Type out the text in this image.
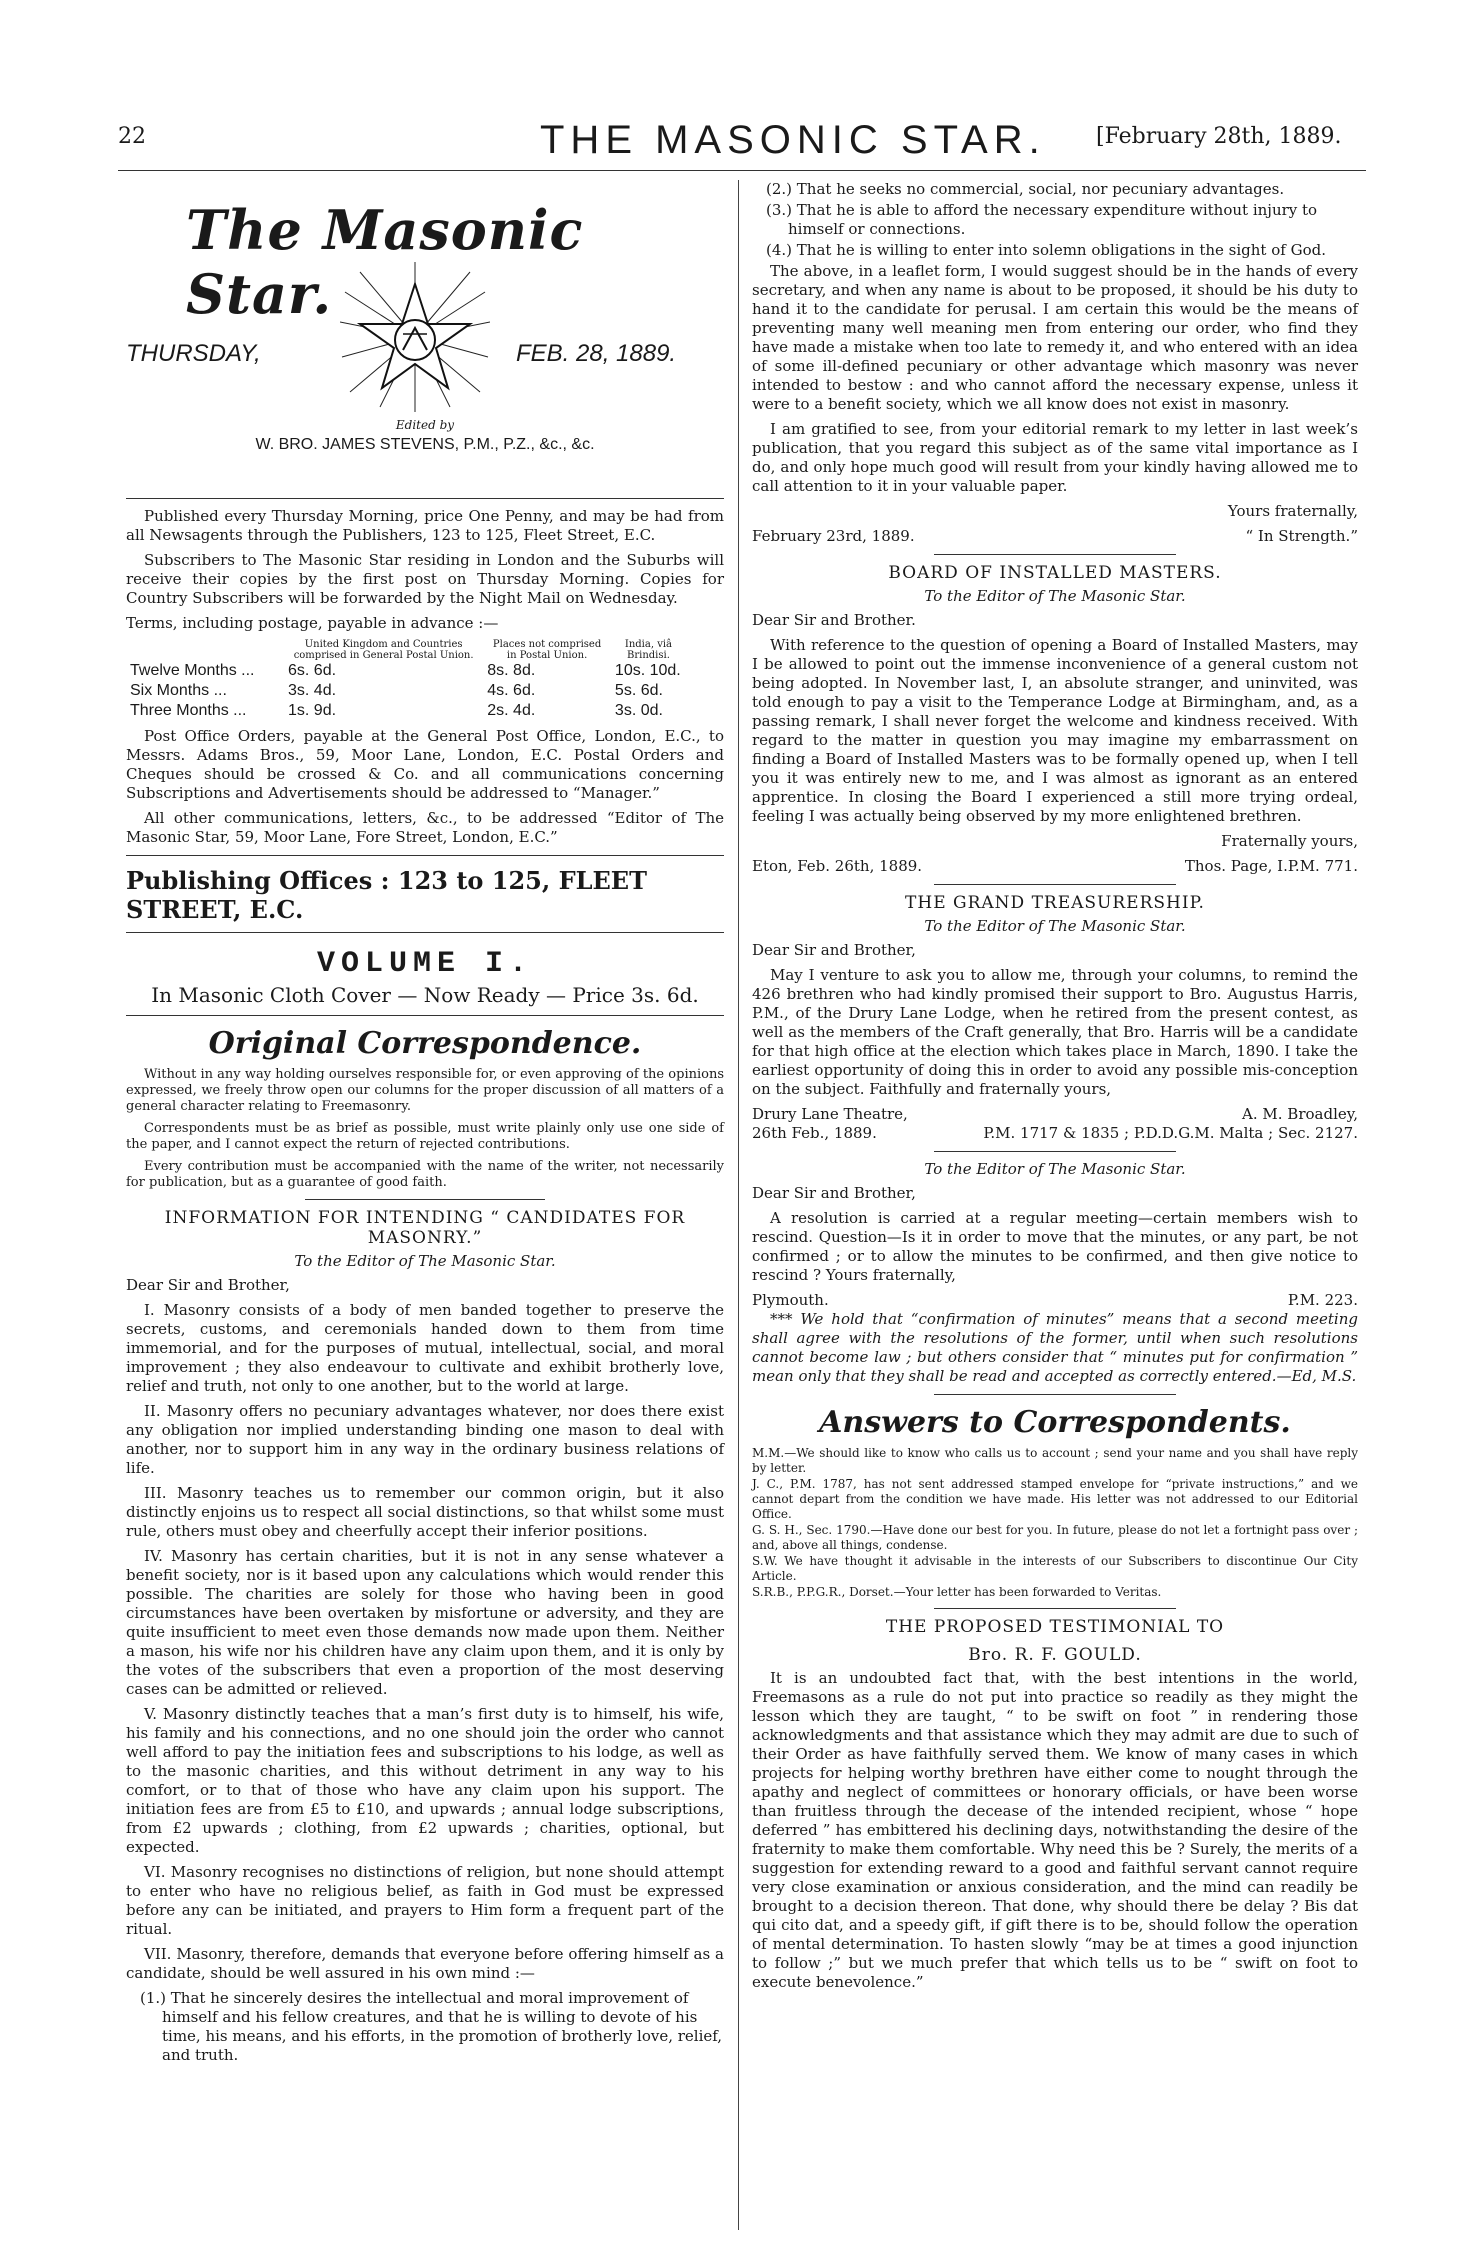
22	THE MASONIC STAR. [February 28th, 1889.
The Masonic Star.
THURSDAY,	FEB. 28, 1889.
Edited by
W. BRO. JAMES STEVENS, P.M., P.Z., &c., &c.

Published every Thursday Morning, price One Penny, and may be had from all Newsagents through the Publishers, 123 to 125, Fleet Street, E.C.

Subscribers to The Masonic Star residing in London and the Suburbs will receive their copies by the first post on Thursday Morning. Copies for Country Subscribers will be forwarded by the Night Mail on Wednesday.

Terms, including postage, payable in advance :—

	United Kingdom and Countries comprised in General Postal Union.	Places not comprised in Postal Union.	India, viâ Brindisi.
Twelve Months ...	6s. 6d.	8s. 8d.	10s. 10d.
Six Months ...	3s. 4d.	4s. 6d.	5s. 6d.
Three Months ...	1s. 9d.	2s. 4d.	3s. 0d.

Post Office Orders, payable at the General Post Office, London, E.C., to Messrs. Adams Bros., 59, Moor Lane, London, E.C. Postal Orders and Cheques should be crossed & Co. and all communications concerning Subscriptions and Advertisements should be addressed to “Manager.”

All other communications, letters, &c., to be addressed “Editor of The Masonic Star, 59, Moor Lane, Fore Street, London, E.C.”

Publishing Offices : 123 to 125, FLEET STREET, E.C.
VOLUME I.
In Masonic Cloth Cover — Now Ready — Price 3s. 6d.
Original Correspondence.

Without in any way holding ourselves responsible for, or even approving of the opinions expressed, we freely throw open our columns for the proper discussion of all matters of a general character relating to Freemasonry.

Correspondents must be as brief as possible, must write plainly only use one side of the paper, and I cannot expect the return of rejected contributions.

Every contribution must be accompanied with the name of the writer, not necessarily for publication, but as a guarantee of good faith.

INFORMATION FOR INTENDING “ CANDIDATES FOR MASONRY.”
To the Editor of The Masonic Star.

Dear Sir and Brother,

I. Masonry consists of a body of men banded together to preserve the secrets, customs, and ceremonials handed down to them from time immemorial, and for the purposes of mutual, intellectual, social, and moral improvement ; they also endeavour to cultivate and exhibit brotherly love, relief and truth, not only to one another, but to the world at large.

II. Masonry offers no pecuniary advantages whatever, nor does there exist any obligation nor implied understanding binding one mason to deal with another, nor to support him in any way in the ordinary business relations of life.

III. Masonry teaches us to remember our common origin, but it also distinctly enjoins us to respect all social distinctions, so that whilst some must rule, others must obey and cheerfully accept their inferior positions.

IV. Masonry has certain charities, but it is not in any sense whatever a benefit society, nor is it based upon any calculations which would render this possible. The charities are solely for those who having been in good circumstances have been overtaken by misfortune or adversity, and they are quite insufficient to meet even those demands now made upon them. Neither a mason, his wife nor his children have any claim upon them, and it is only by the votes of the subscribers that even a proportion of the most deserving cases can be admitted or relieved.

V. Masonry distinctly teaches that a man’s first duty is to himself, his wife, his family and his connections, and no one should join the order who cannot well afford to pay the initiation fees and subscriptions to his lodge, as well as to the masonic charities, and this without detriment in any way to his comfort, or to that of those who have any claim upon his support. The initiation fees are from £5 to £10, and upwards ; annual lodge subscriptions, from £2 upwards ; clothing, from £2 upwards ; charities, optional, but expected.

VI. Masonry recognises no distinctions of religion, but none should attempt to enter who have no religious belief, as faith in God must be expressed before any can be initiated, and prayers to Him form a frequent part of the ritual.

VII. Masonry, therefore, demands that everyone before offering himself as a candidate, should be well assured in his own mind :—

(1.) That he sincerely desires the intellectual and moral improvement of himself and his fellow creatures, and that he is willing to devote of his time, his means, and his efforts, in the promotion of brotherly love, relief, and truth.
(2.) That he seeks no commercial, social, nor pecuniary advantages.
(3.) That he is able to afford the necessary expenditure without injury to himself or connections.
(4.) That he is willing to enter into solemn obligations in the sight of God.

The above, in a leaflet form, I would suggest should be in the hands of every secretary, and when any name is about to be proposed, it should be his duty to hand it to the candidate for perusal. I am certain this would be the means of preventing many well meaning men from entering our order, who find they have made a mistake when too late to remedy it, and who entered with an idea of some ill-defined pecuniary or other advantage which masonry was never intended to bestow : and who cannot afford the necessary expense, unless it were to a benefit society, which we all know does not exist in masonry.

I am gratified to see, from your editorial remark to my letter in last week’s publication, that you regard this subject as of the same vital importance as I do, and only hope much good will result from your kindly having allowed me to call attention to it in your valuable paper.

Yours fraternally,

February 23rd, 1889.	“ In Strength.”
BOARD OF INSTALLED MASTERS.
To the Editor of The Masonic Star.

Dear Sir and Brother.

With reference to the question of opening a Board of Installed Masters, may I be allowed to point out the immense inconvenience of a general custom not being adopted. In November last, I, an absolute stranger, and uninvited, was told enough to pay a visit to the Temperance Lodge at Birmingham, and, as a passing remark, I shall never forget the welcome and kindness received. With regard to the matter in question you may imagine my embarrassment on finding a Board of Installed Masters was to be formally opened up, when I tell you it was entirely new to me, and I was almost as ignorant as an entered apprentice. In closing the Board I experienced a still more trying ordeal, feeling I was actually being observed by my more enlightened brethren.

Fraternally yours,

Eton, Feb. 26th, 1889.	Thos. Page, I.P.M. 771.
THE GRAND TREASURERSHIP.
To the Editor of The Masonic Star.

Dear Sir and Brother,

May I venture to ask you to allow me, through your columns, to remind the 426 brethren who had kindly promised their support to Bro. Augustus Harris, P.M., of the Drury Lane Lodge, when he retired from the present contest, as well as the members of the Craft generally, that Bro. Harris will be a candidate for that high office at the election which takes place in March, 1890. I take the earliest opportunity of doing this in order to avoid any possible mis-conception on the subject. Faithfully and fraternally yours,

Drury Lane Theatre,	A. M. Broadley,
26th Feb., 1889.	P.M. 1717 & 1835 ; P.D.D.G.M. Malta ; Sec. 2127.
To the Editor of The Masonic Star.

Dear Sir and Brother,

A resolution is carried at a regular meeting—certain members wish to rescind. Question—Is it in order to move that the minutes, or any part, be not confirmed ; or to allow the minutes to be confirmed, and then give notice to rescind ? Yours fraternally,

Plymouth.	P.M. 223.

*** We hold that “confirmation of minutes” means that a second meeting shall agree with the resolutions of the former, until when such resolutions cannot become law ; but others consider that “ minutes put for confirmation ” mean only that they shall be read and accepted as correctly entered.—Ed, M.S.

Answers to Correspondents.

M.M.—We should like to know who calls us to account ; send your name and you shall have reply by letter.

J. C., P.M. 1787, has not sent addressed stamped envelope for “private instructions,” and we cannot depart from the condition we have made. His letter was not addressed to our Editorial Office.

G. S. H., Sec. 1790.—Have done our best for you. In future, please do not let a fortnight pass over ; and, above all things, condense.

S.W. We have thought it advisable in the interests of our Subscribers to discontinue Our City Article.

S.R.B., P.P.G.R., Dorset.—Your letter has been forwarded to Veritas.

THE PROPOSED TESTIMONIAL TO
Bro. R. F. GOULD.

It is an undoubted fact that, with the best intentions in the world, Freemasons as a rule do not put into practice so readily as they might the lesson which they are taught, “ to be swift on foot ” in rendering those acknowledgments and that assistance which they may admit are due to such of their Order as have faithfully served them. We know of many cases in which projects for helping worthy brethren have either come to nought through the apathy and neglect of committees or honorary officials, or have been worse than fruitless through the decease of the intended recipient, whose “ hope deferred ” has embittered his declining days, notwithstanding the desire of the fraternity to make them comfortable. Why need this be ? Surely, the merits of a suggestion for extending reward to a good and faithful servant cannot require very close examination or anxious consideration, and the mind can readily be brought to a decision thereon. That done, why should there be delay ? Bis dat qui cito dat, and a speedy gift, if gift there is to be, should follow the operation of mental determination. To hasten slowly “may be at times a good injunction to follow ;” but we much prefer that which tells us to be “ swift on foot to execute benevolence.”
